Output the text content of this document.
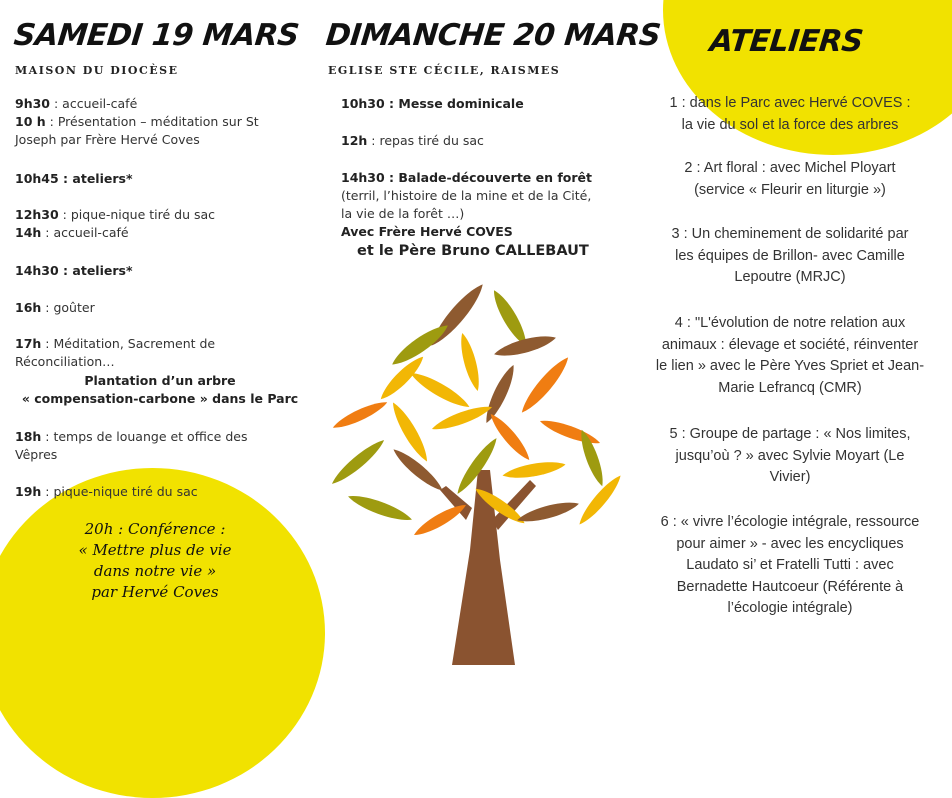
SAMEDI 19 MARS
MAISON DU DIOCÈSE
9h30 : accueil-café
10 h : Présentation – méditation sur St
Joseph par Frère Hervé Coves
10h45 : ateliers*
12h30 : pique-nique tiré du sac
14h : accueil-café
14h30 : ateliers*
16h : goûter
17h : Méditation, Sacrement de
Réconciliation…
Plantation d’un arbre
« compensation-carbone » dans le Parc
18h : temps de louange et office des
Vêpres
19h : pique-nique tiré du sac
20h : Conférence :
« Mettre plus de vie
dans notre vie »
par Hervé Coves
DIMANCHE 20 MARS
EGLISE STE CÉCILE, RAISMES
10h30 : Messe dominicale
12h : repas tiré du sac
14h30 : Balade-découverte en forêt
(terril, l’histoire de la mine et de la Cité,
la vie de la forêt …)
Avec Frère Hervé COVES
et le Père Bruno CALLEBAUT
ATELIERS
1 : dans le Parc avec Hervé COVES :
la vie du sol et la force des arbres
2 : Art floral : avec Michel Ployart
(service « Fleurir en liturgie »)
3 : Un cheminement de solidarité par
les équipes de Brillon- avec Camille
Lepoutre (MRJC)
4 : "L'évolution de notre relation aux
animaux : élevage et société, réinventer
le lien » avec le Père Yves Spriet et Jean-
Marie Lefrancq (CMR)
5 : Groupe de partage : « Nos limites,
jusqu’où ? » avec Sylvie Moyart (Le
Vivier)
6 : « vivre l’écologie intégrale, ressource
pour aimer » - avec les encycliques
Laudato si’ et Fratelli Tutti : avec
Bernadette Hautcoeur (Référente à
l’écologie intégrale)
